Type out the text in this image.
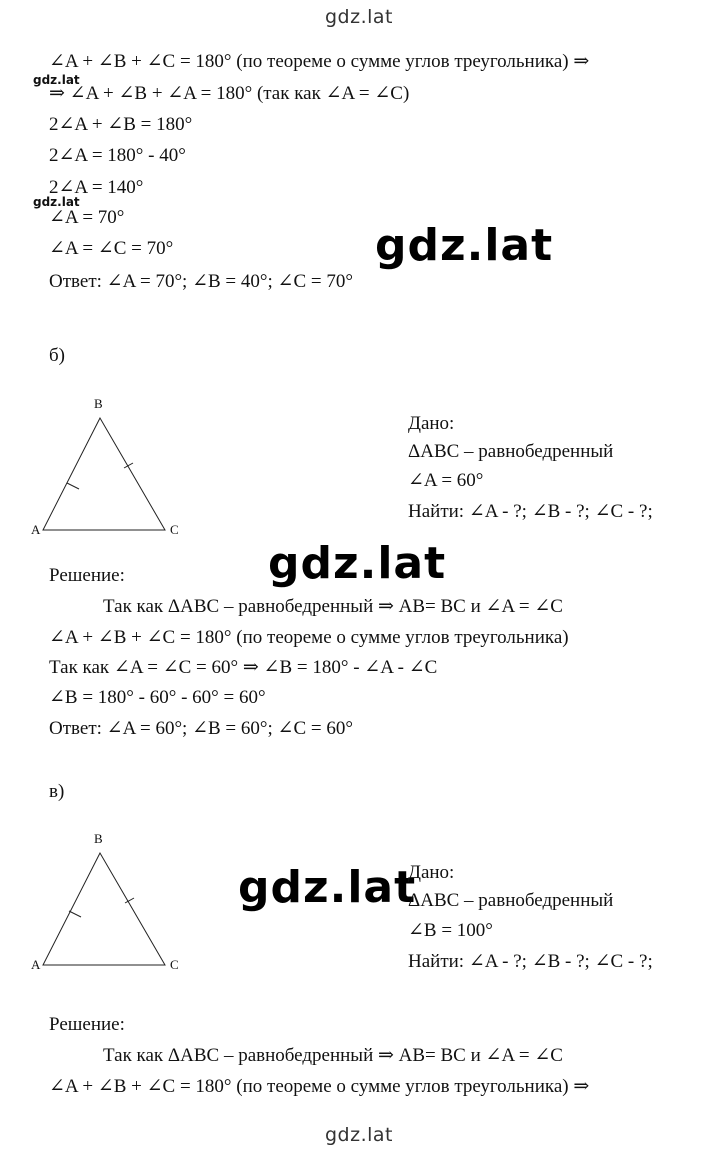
gdz.lat
∠A + ∠B + ∠C = 180° (по теореме о сумме углов треугольника) ⇒
gdz.lat
⇒ ∠A + ∠B + ∠A = 180° (так как ∠A = ∠C)
2∠A + ∠B = 180°
2∠A = 180° - 40°
2∠A = 140°
gdz.lat
∠A = 70°
∠A = ∠C = 70°
Ответ: ∠A = 70°; ∠B = 40°; ∠C = 70°
gdz.lat
б)
B
A	C
Дано:
ΔABC – равнобедренный
∠A = 60°
Найти: ∠A - ?; ∠B - ?; ∠C - ?;
gdz.lat
Решение:
Так как ΔABC – равнобедренный ⇒ AB= BC и ∠A = ∠C
∠A + ∠B + ∠C = 180° (по теореме о сумме углов треугольника)
Так как ∠A = ∠C = 60° ⇒ ∠B = 180° - ∠A - ∠C
∠B = 180° - 60° - 60° = 60°
Ответ: ∠A = 60°; ∠B = 60°; ∠C = 60°
в)
B
A	C
gdz.lat
Дано:
ΔABC – равнобедренный
∠B = 100°
Найти: ∠A - ?; ∠B - ?; ∠C - ?;
Решение:
Так как ΔABC – равнобедренный ⇒ AB= BC и ∠A = ∠C
∠A + ∠B + ∠C = 180° (по теореме о сумме углов треугольника) ⇒
gdz.lat
